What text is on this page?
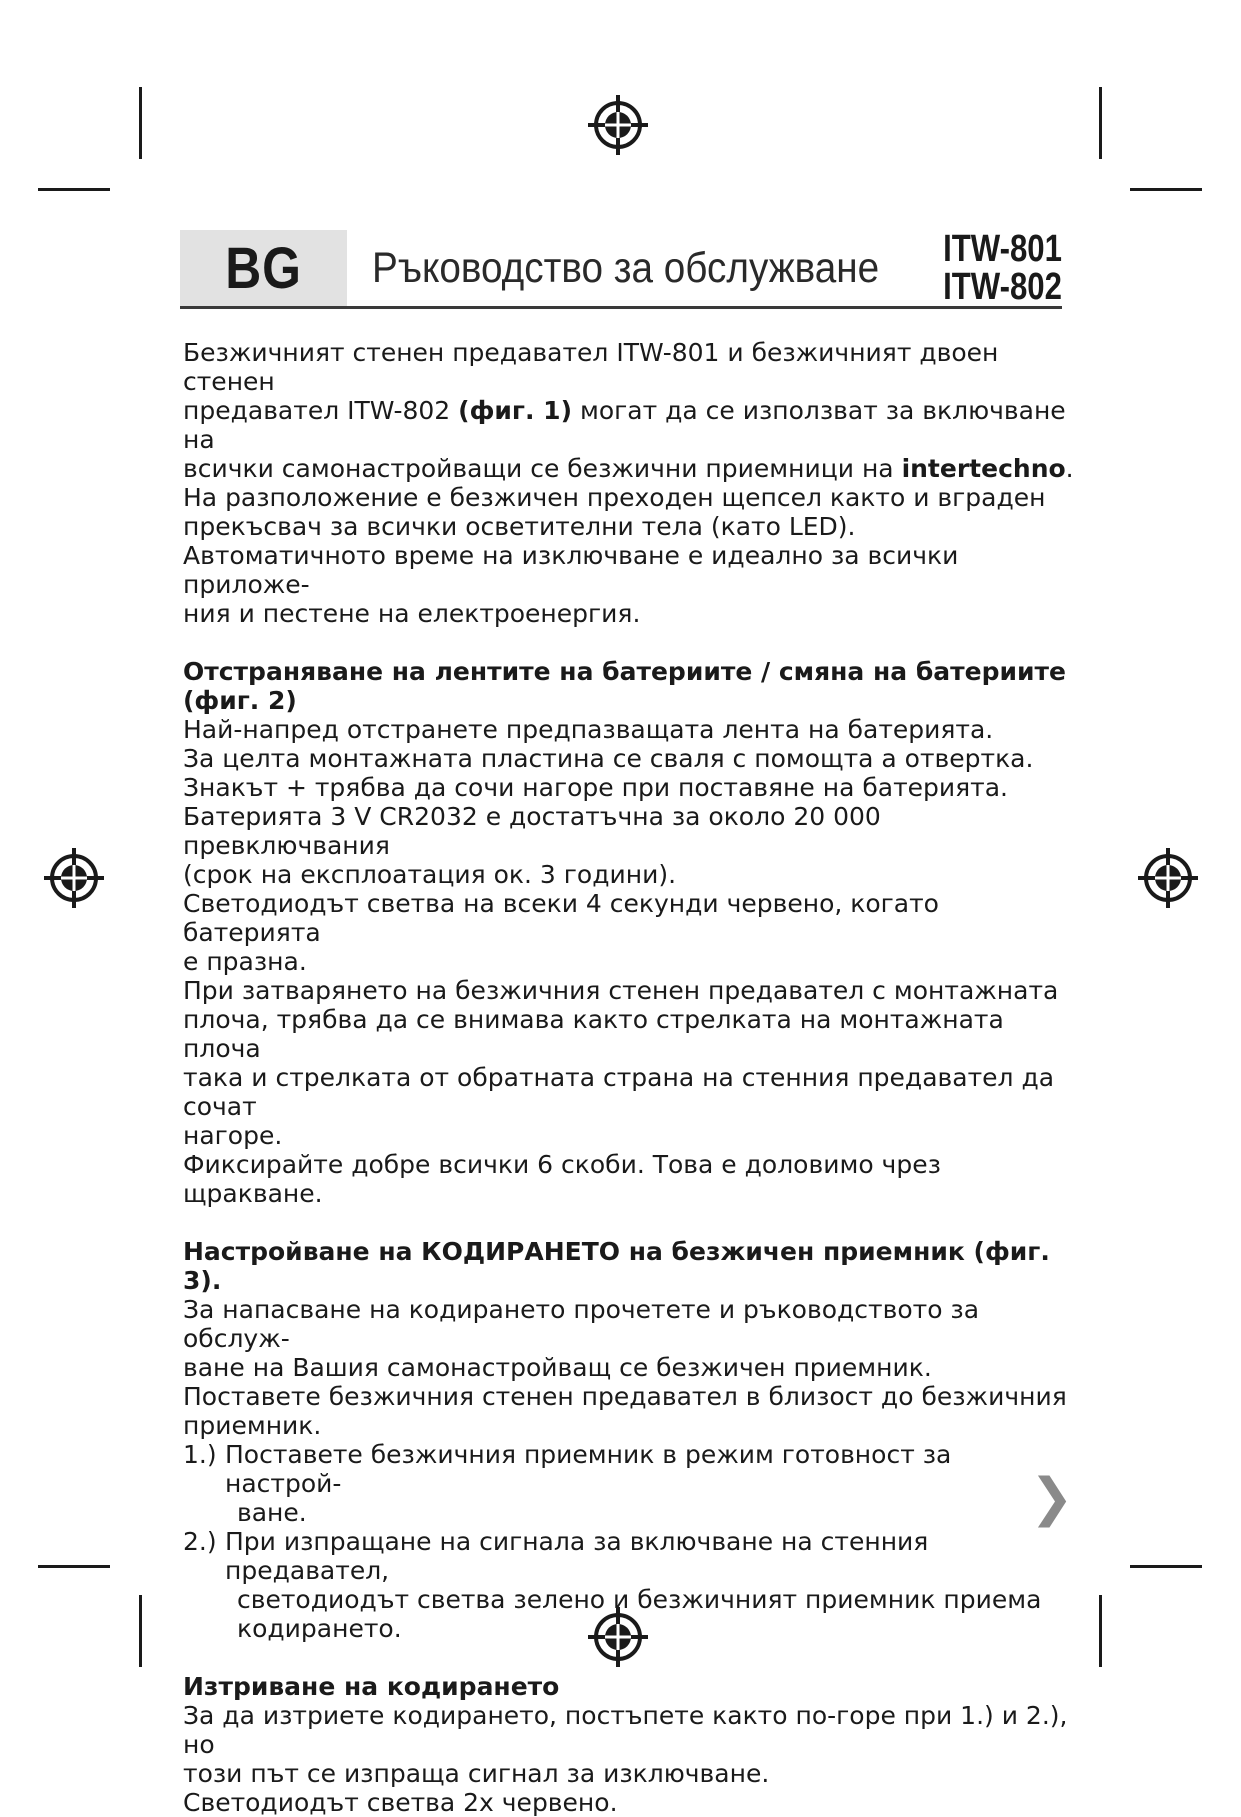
BG Ръководство за обслужване ITW-801
ITW-802

Безжичният стенен предавател ITW-801 и безжичният двоен стенен

предавател ITW-802 (фиг. 1) могат да се използват за включване на

всички самонастройващи се безжични приемници на intertechno.

На разположение е безжичен преходен щепсел както и вграден

прекъсвач за всички осветителни тела (като LED).

Автоматичното време на изключване е идеално за всички приложе-

ния и пестене на електроенергия.

Отстраняване на лентите на батериите / смяна на батериите (фиг. 2)

Най-напред отстранете предпазващата лента на батерията.

За целта монтажната пластина се сваля с помощта а отвертка.

Знакът + трябва да сочи нагоре при поставяне на батерията.

Батерията 3 V CR2032 е достатъчна за около 20 000 превключвания

(срок на експлоатация ок. 3 години).

Светодиодът светва на всеки 4 секунди червено, когато батерията

е празна.

При затварянето на безжичния стенен предавател с монтажната

плоча, трябва да се внимава както стрелката на монтажната плоча

така и стрелката от обратната страна на стенния предавател да сочат

нагоре.

Фиксирайте добре всички 6 скоби. Това е доловимо чрез щракване.

Настройване на КОДИРАНЕТО на безжичен приемник (фиг. 3).

За напасване на кодирането прочетете и ръководството за обслуж-

ване на Вашия самонастройващ се безжичен приемник.

Поставете безжичния стенен предавател в близост до безжичния

приемник.

1.) Поставете безжичния приемник в режим готовност за настрой-

ване.

2.) При изпращане на сигнала за включване на стенния предавател,

светодиодът светва зелено и безжичният приемник приема

кодирането.

Изтриване на кодирането

За да изтриете кодирането, постъпете както по-горе при 1.) и 2.), но

този път се изпраща сигнал за изключване.

Светодиодът светва 2х червено.

❯
